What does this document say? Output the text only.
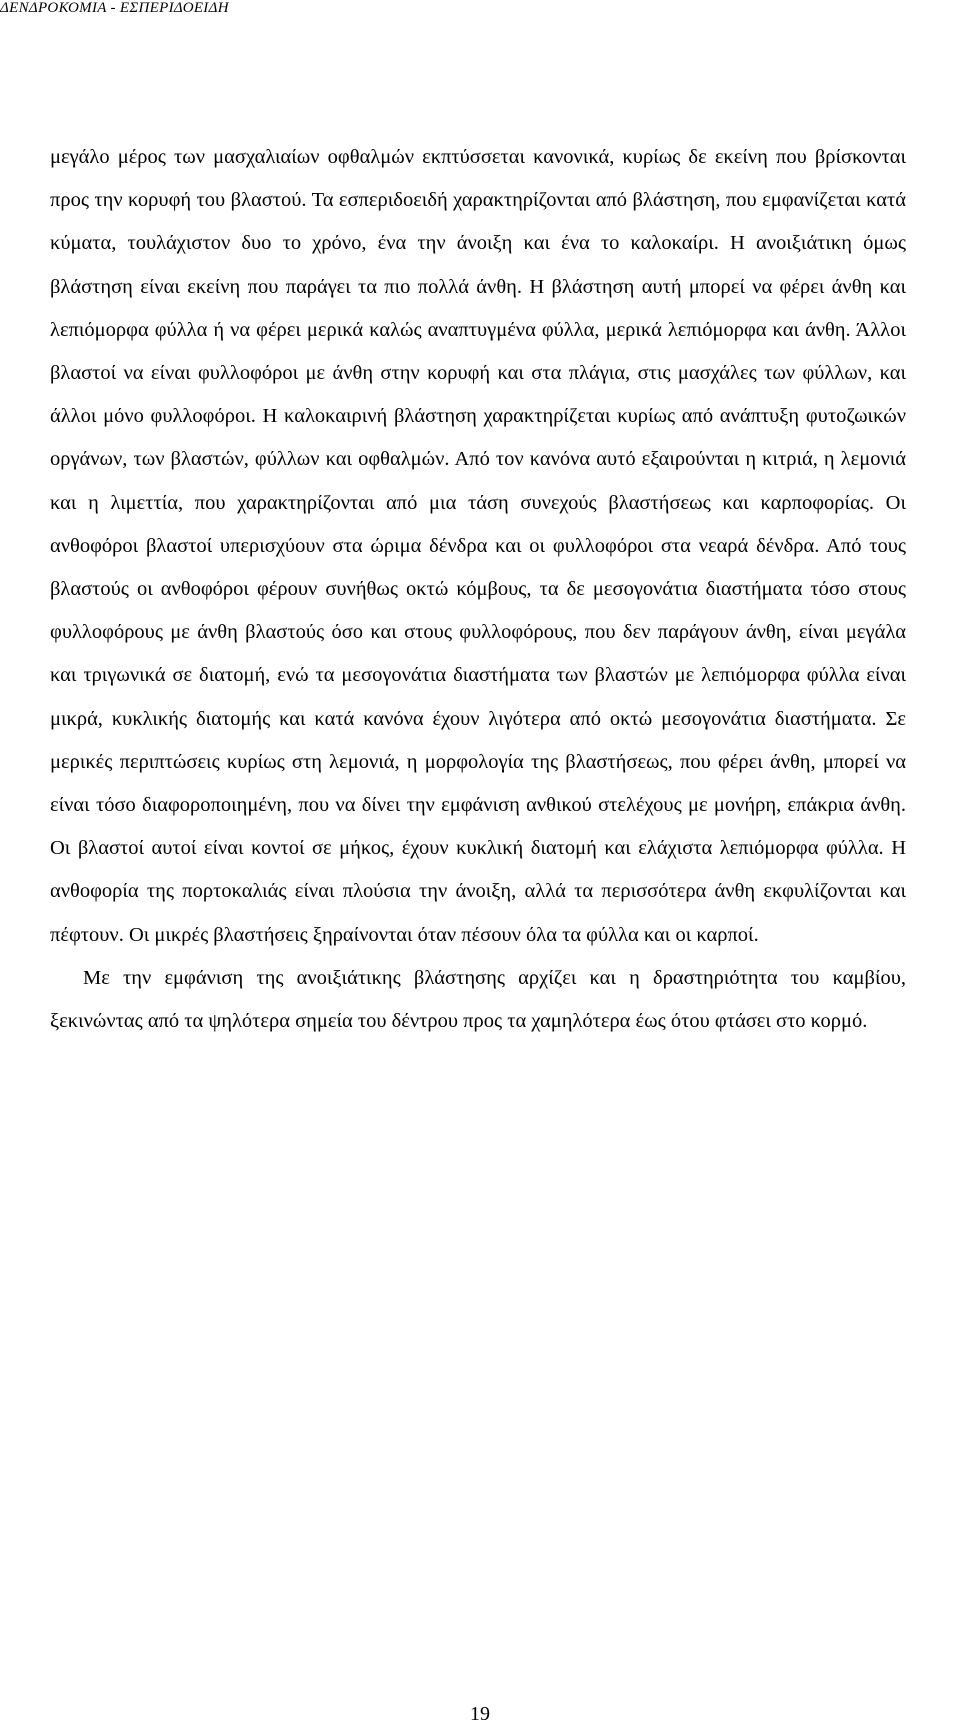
ΔΕΝΔΡΟΚΟΜΙΑ - ΕΣΠΕΡΙΔΟΕΙΔΗ

μεγάλο μέρος των μασχαλιαίων οφθαλμών εκπτύσσεται κανονικά, κυρίως δε εκείνη που βρίσκονται προς την κορυφή του βλαστού. Τα εσπεριδοειδή χαρακτηρίζονται από βλάστηση, που εμφανίζεται κατά κύματα, τουλάχιστον δυο το χρόνο, ένα την άνοιξη και ένα το καλοκαίρι. Η ανοιξιάτικη όμως βλάστηση είναι εκείνη που παράγει τα πιο πολλά άνθη. Η βλάστηση αυτή μπορεί να φέρει άνθη και λεπιόμορφα φύλλα ή να φέρει μερικά καλώς αναπτυγμένα φύλλα, μερικά λεπιόμορφα και άνθη. Άλλοι βλαστοί να είναι φυλλοφόροι με άνθη στην κορυφή και στα πλάγια, στις μασχάλες των φύλλων, και άλλοι μόνο φυλλοφόροι. Η καλοκαιρινή βλάστηση χαρακτηρίζεται κυρίως από ανάπτυξη φυτοζωικών οργάνων, των βλαστών, φύλλων και οφθαλμών. Από τον κανόνα αυτό εξαιρούνται η κιτριά, η λεμονιά και η λιμεττία, που χαρακτηρίζονται από μια τάση συνεχούς βλαστήσεως και καρποφορίας. Οι ανθοφόροι βλαστοί υπερισχύουν στα ώριμα δένδρα και οι φυλλοφόροι στα νεαρά δένδρα. Από τους βλαστούς οι ανθοφόροι φέρουν συνήθως οκτώ κόμβους, τα δε μεσογονάτια διαστήματα τόσο στους φυλλοφόρους με άνθη βλαστούς όσο και στους φυλλοφόρους, που δεν παράγουν άνθη, είναι μεγάλα και τριγωνικά σε διατομή, ενώ τα μεσογονάτια διαστήματα των βλαστών με λεπιόμορφα φύλλα είναι μικρά, κυκλικής διατομής και κατά κανόνα έχουν λιγότερα από οκτώ μεσογονάτια διαστήματα. Σε μερικές περιπτώσεις κυρίως στη λεμονιά, η μορφολογία της βλαστήσεως, που φέρει άνθη, μπορεί να είναι τόσο διαφοροποιημένη, που να δίνει την εμφάνιση ανθικού στελέχους με μονήρη, επάκρια άνθη. Οι βλαστοί αυτοί είναι κοντοί σε μήκος, έχουν κυκλική διατομή και ελάχιστα λεπιόμορφα φύλλα. Η ανθοφορία της πορτοκαλιάς είναι πλούσια την άνοιξη, αλλά τα περισσότερα άνθη εκφυλίζονται και πέφτουν. Οι μικρές βλαστήσεις ξηραίνονται όταν πέσουν όλα τα φύλλα και οι καρποί.

Με την εμφάνιση της ανοιξιάτικης βλάστησης αρχίζει και η δραστηριότητα του καμβίου, ξεκινώντας από τα ψηλότερα σημεία του δέντρου προς τα χαμηλότερα έως ότου φτάσει στο κορμό.

19
